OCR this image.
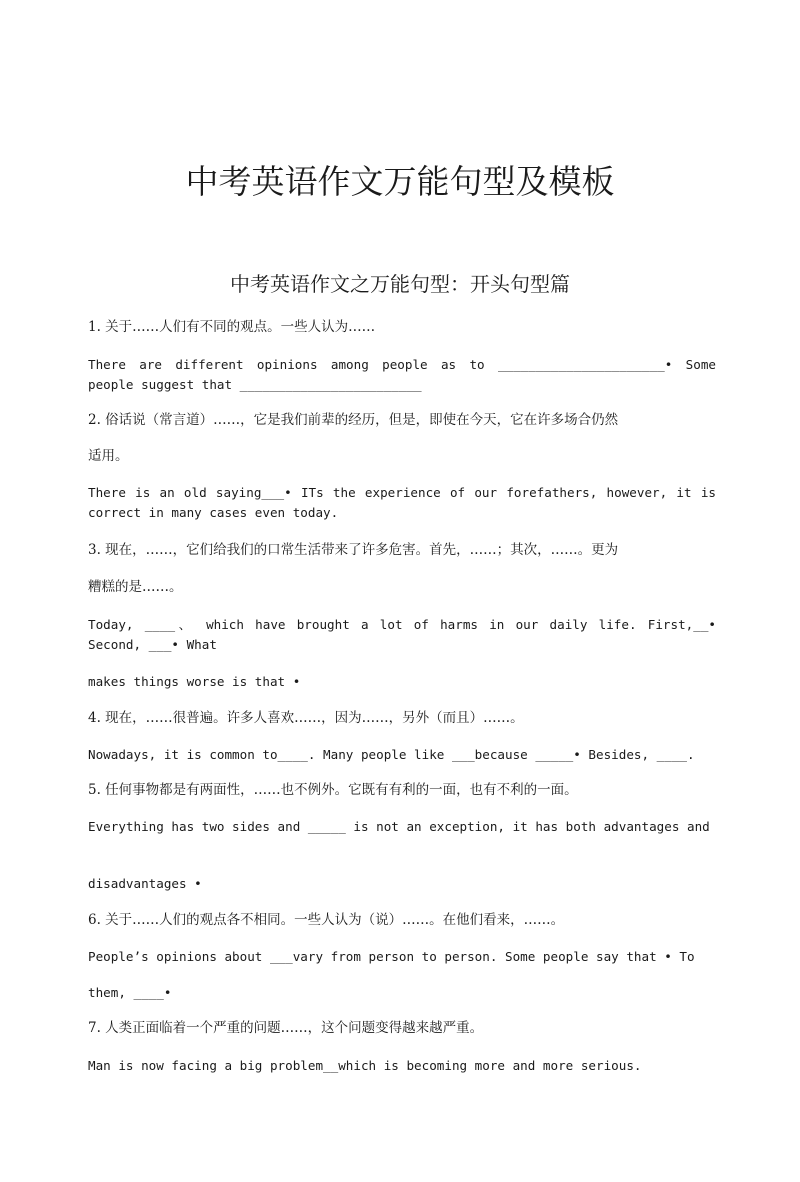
中考英语作文万能句型及模板
中考英语作文之万能句型：开头句型篇
1. 关于……人们有不同的观点。一些人认为……
There are different opinions among people as to ______________________• Some people suggest that ________________________
2. 俗话说（常言道）……，它是我们前辈的经历，但是，即使在今天，它在许多场合仍然
适用。
There is an old saying___• ITs the experience of our forefathers, however, it is correct in many cases even today.
3. 现在，……，它们给我们的口常生活带来了许多危害。首先，……；其次，……。更为
糟糕的是……。
Today, ____、 which have brought a lot of harms in our daily life. First,__• Second, ___• What
makes things worse is that •
4. 现在，……很普遍。许多人喜欢……，因为……，另外（而且）……。
Nowadays, it is common to____. Many people like ___because _____• Besides, ____.
5. 任何事物都是有两面性，……也不例外。它既有有利的一面，也有不利的一面。
Everything has two sides and _____ is not an exception, it has both advantages and
disadvantages •
6. 关于……人们的观点各不相同。一些人认为（说）……。在他们看来，……。
People’s opinions about ___vary from person to person. Some people say that • To
them, ____•
7. 人类正面临着一个严重的问题……，这个问题变得越来越严重。
Man is now facing a big problem__which is becoming more and more serious.
